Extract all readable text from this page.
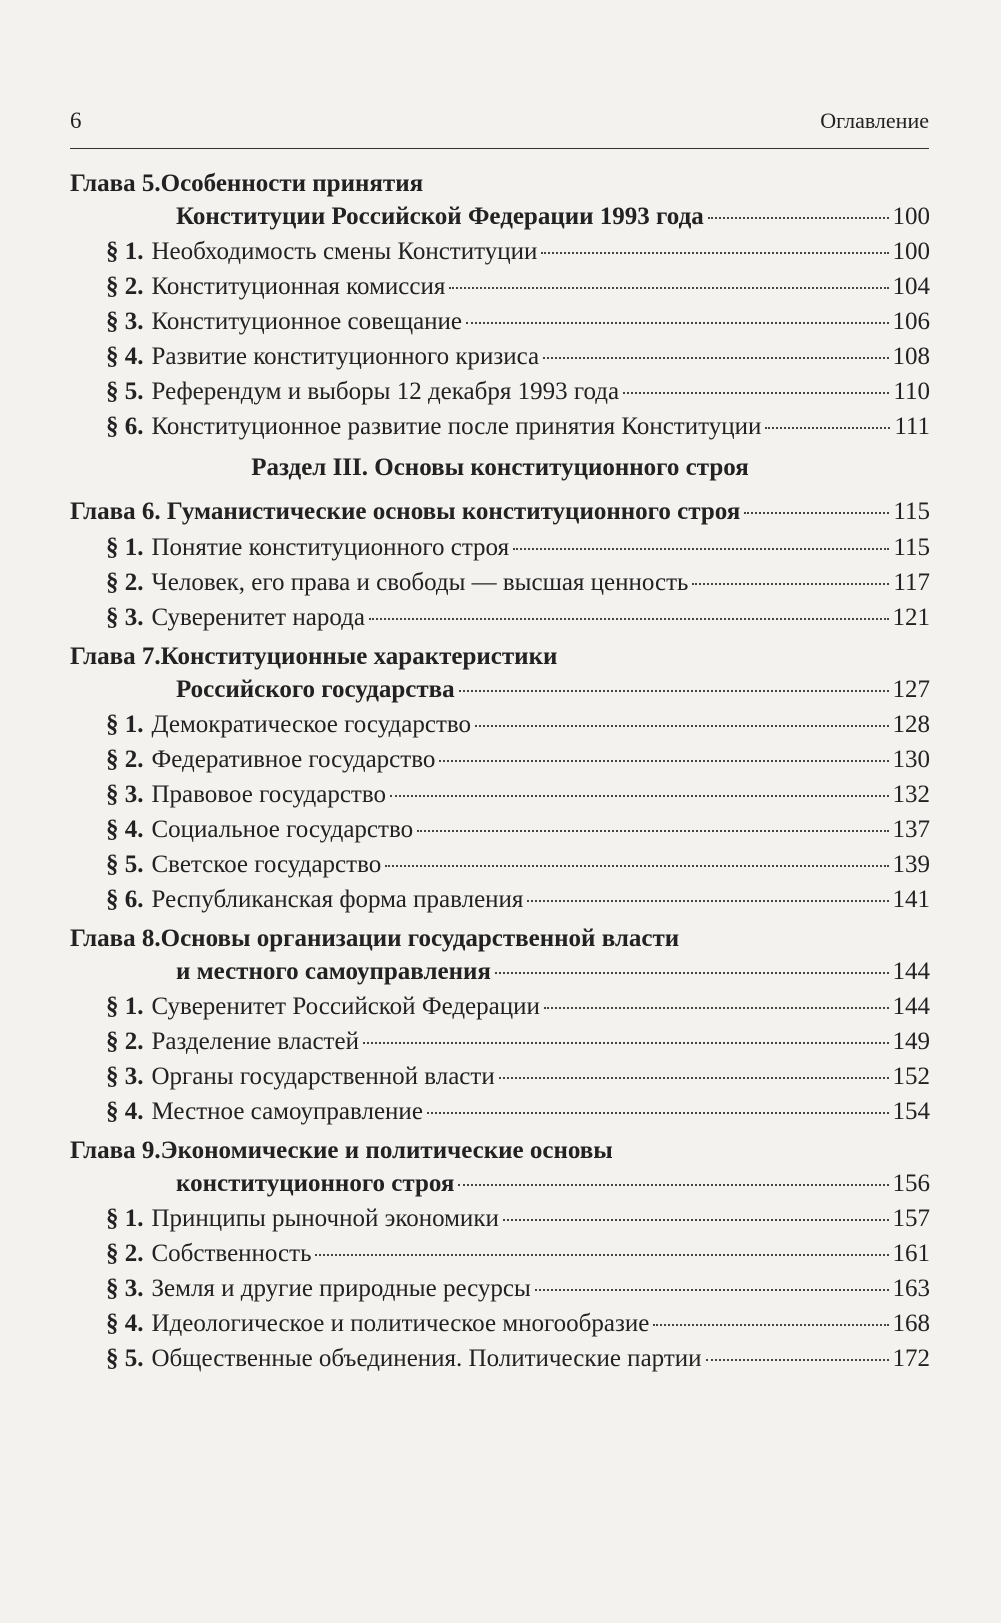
6	Оглавление
Глава 5. Особенности принятия
Конституции Российской Федерации 1993 года	100
§ 1. Необходимость смены Конституции	100
§ 2. Конституционная комиссия	104
§ 3. Конституционное совещание	106
§ 4. Развитие конституционного кризиса	108
§ 5. Референдум и выборы 12 декабря 1993 года	110
§ 6. Конституционное развитие после принятия Конституции	111
Раздел III. Основы конституционного строя
Глава 6.
Гуманистические основы конституционного строя	115
§ 1. Понятие конституционного строя	115
§ 2. Человек, его права и свободы — высшая ценность	117
§ 3. Суверенитет народа	121
Глава 7. Конституционные характеристики
Российского государства	127
§ 1. Демократическое государство	128
§ 2. Федеративное государство	130
§ 3. Правовое государство	132
§ 4. Социальное государство	137
§ 5. Светское государство	139
§ 6. Республиканская форма правления	141
Глава 8. Основы организации государственной власти
и местного самоуправления	144
§ 1. Суверенитет Российской Федерации	144
§ 2. Разделение властей	149
§ 3. Органы государственной власти	152
§ 4. Местное самоуправление	154
Глава 9. Экономические и политические основы
конституционного строя	156
§ 1. Принципы рыночной экономики	157
§ 2. Собственность	161
§ 3. Земля и другие природные ресурсы	163
§ 4. Идеологическое и политическое многообразие	168
§ 5. Общественные объединения. Политические партии	172
